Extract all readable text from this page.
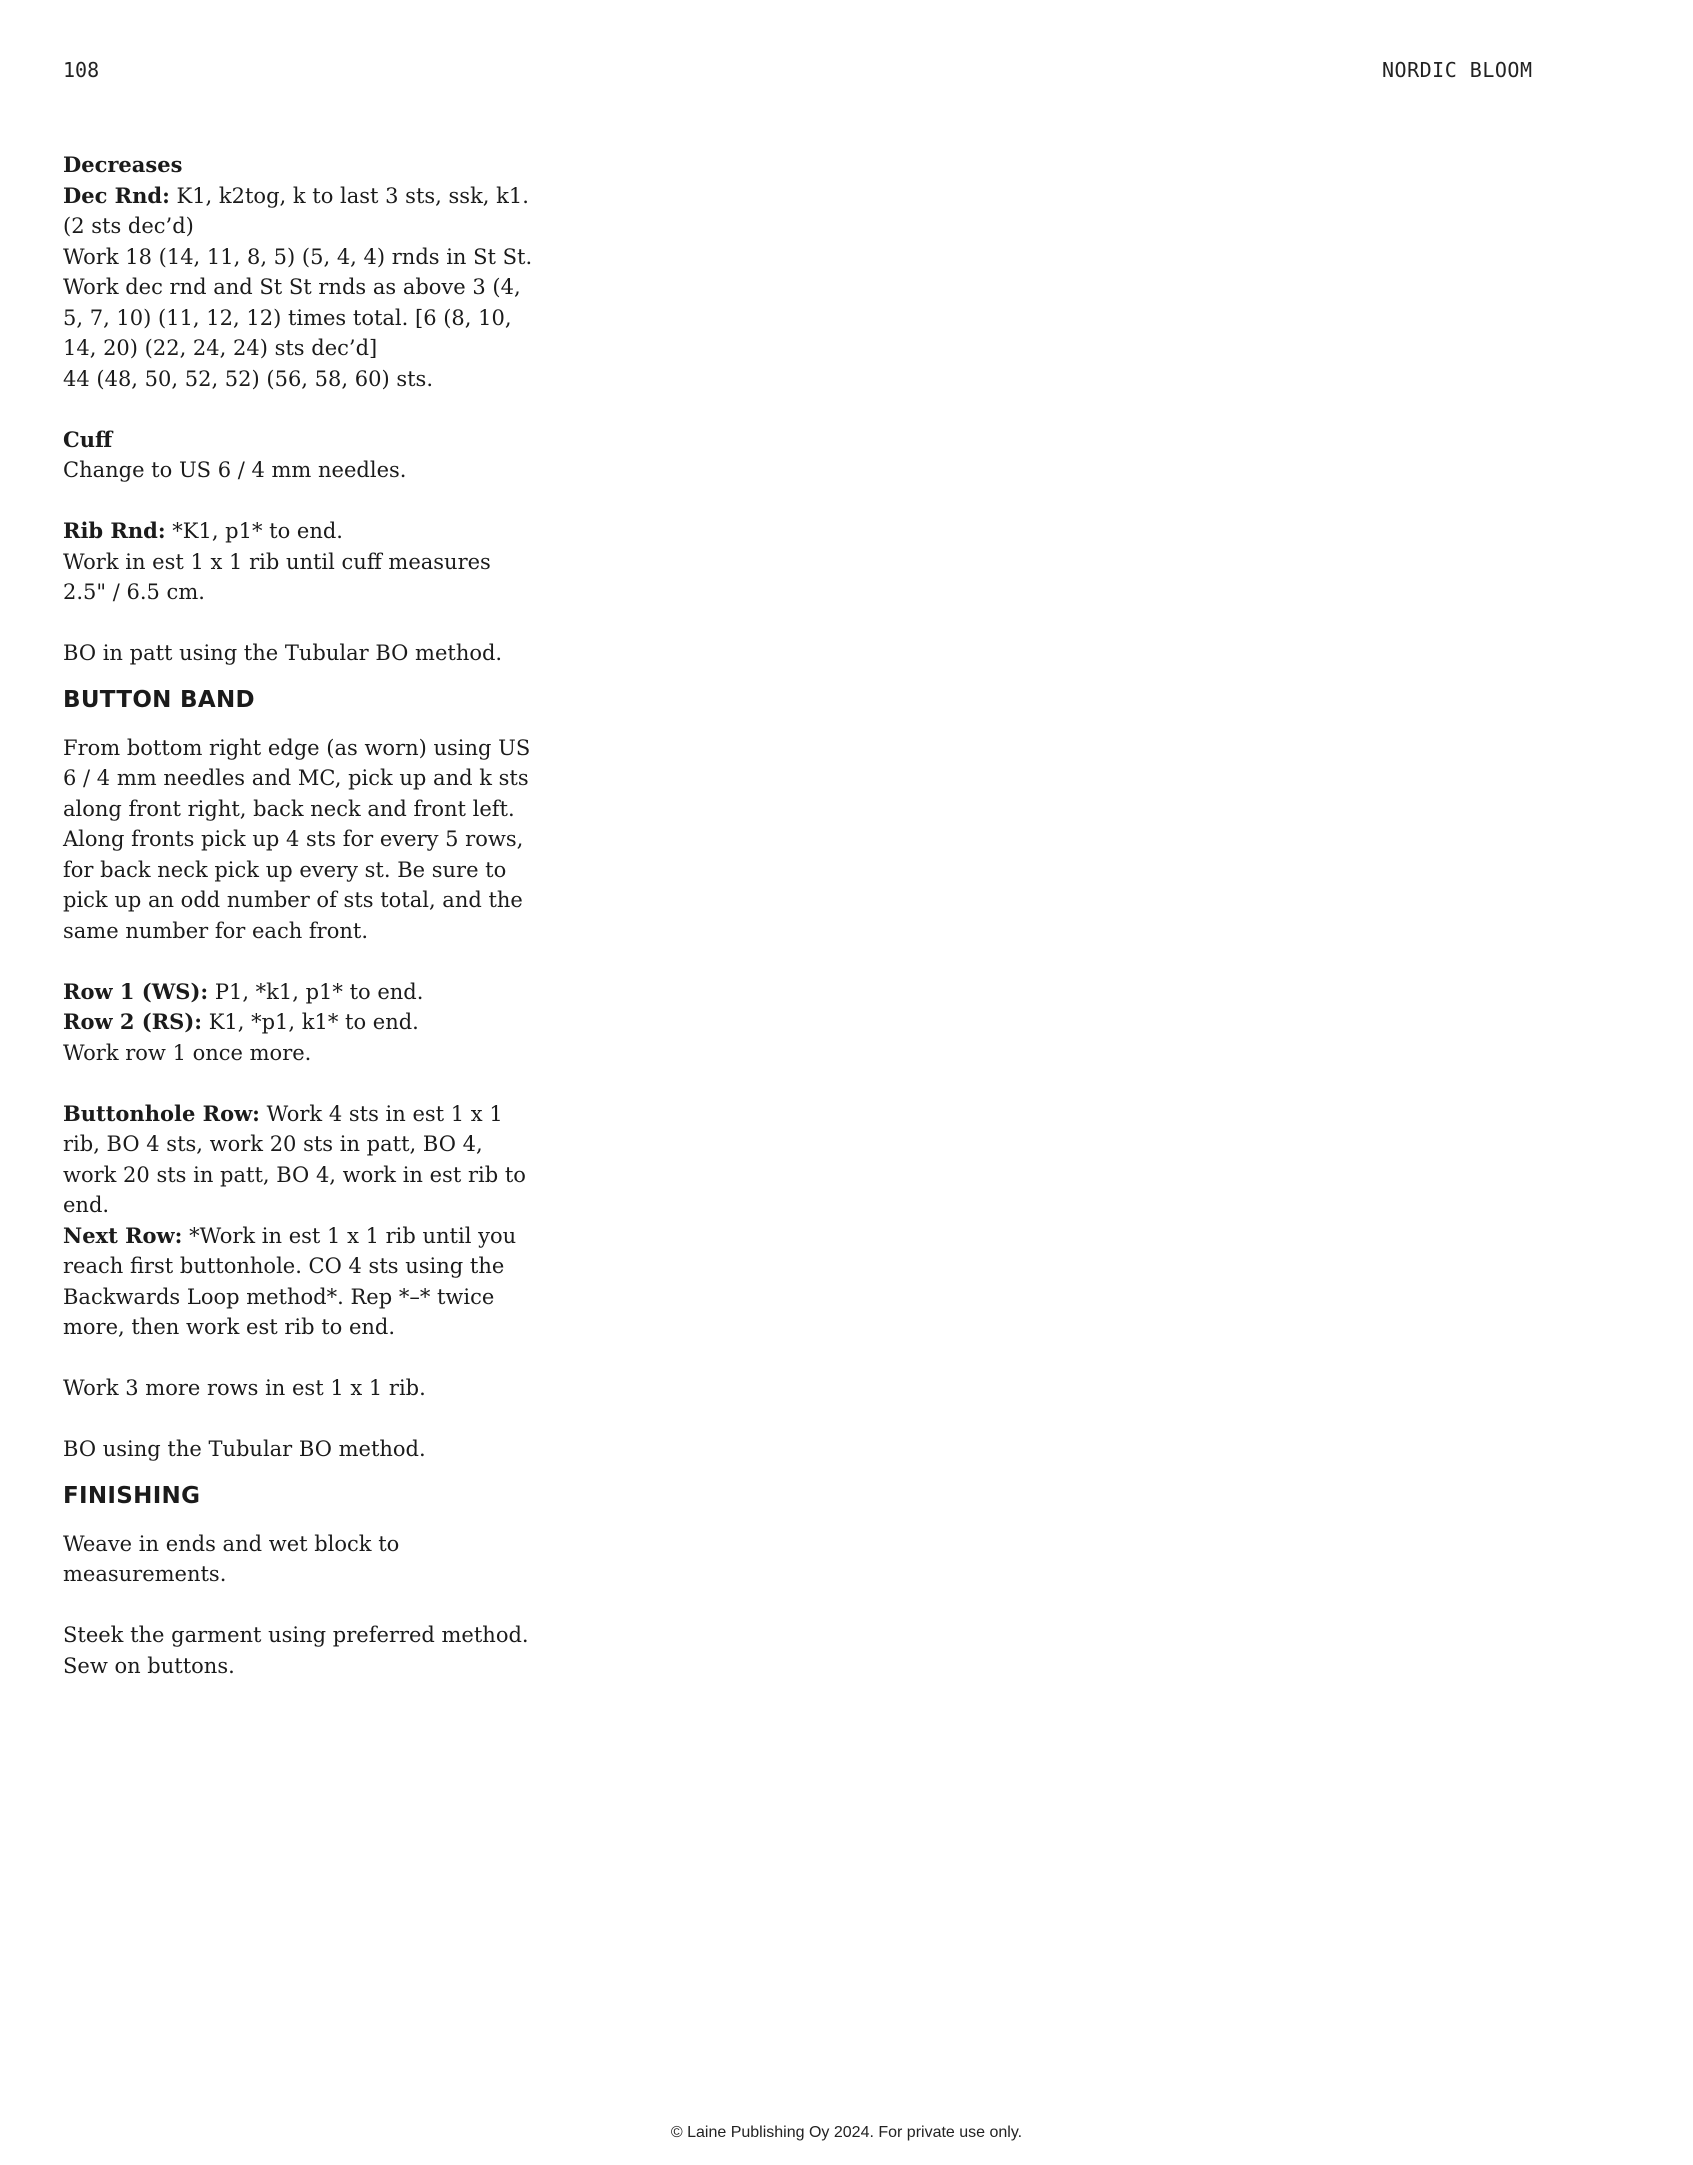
108	NORDIC BLOOM

Decreases

Dec Rnd: K1, k2tog, k to last 3 sts, ssk, k1. (2 sts dec’d)

Work 18 (14, 11, 8, 5) (5, 4, 4) rnds in St St.

Work dec rnd and St St rnds as above 3 (4, 5, 7, 10) (11, 12, 12) times total. [6 (8, 10, 14, 20) (22, 24, 24) sts dec’d]

44 (48, 50, 52, 52) (56, 58, 60) sts.

Cuff

Change to US 6 / 4 mm needles.

Rib Rnd: *K1, p1* to end.

Work in est 1 x 1 rib until cuff measures 2.5" / 6.5 cm.

BO in patt using the Tubular BO method.

BUTTON BAND

From bottom right edge (as worn) using US 6 / 4 mm needles and MC, pick up and k sts along front right, back neck and front left. Along fronts pick up 4 sts for every 5 rows, for back neck pick up every st. Be sure to pick up an odd number of sts total, and the same number for each front.

Row 1 (WS): P1, *k1, p1* to end.

Row 2 (RS): K1, *p1, k1* to end.

Work row 1 once more.

Buttonhole Row: Work 4 sts in est 1 x 1 rib, BO 4 sts, work 20 sts in patt, BO 4, work 20 sts in patt, BO 4, work in est rib to end.

Next Row: *Work in est 1 x 1 rib until you reach first buttonhole. CO 4 sts using the Backwards Loop method*. Rep *–* twice more, then work est rib to end.

Work 3 more rows in est 1 x 1 rib.

BO using the Tubular BO method.

FINISHING

Weave in ends and wet block to measurements.

Steek the garment using preferred method. Sew on buttons.

© Laine Publishing Oy 2024. For private use only.
